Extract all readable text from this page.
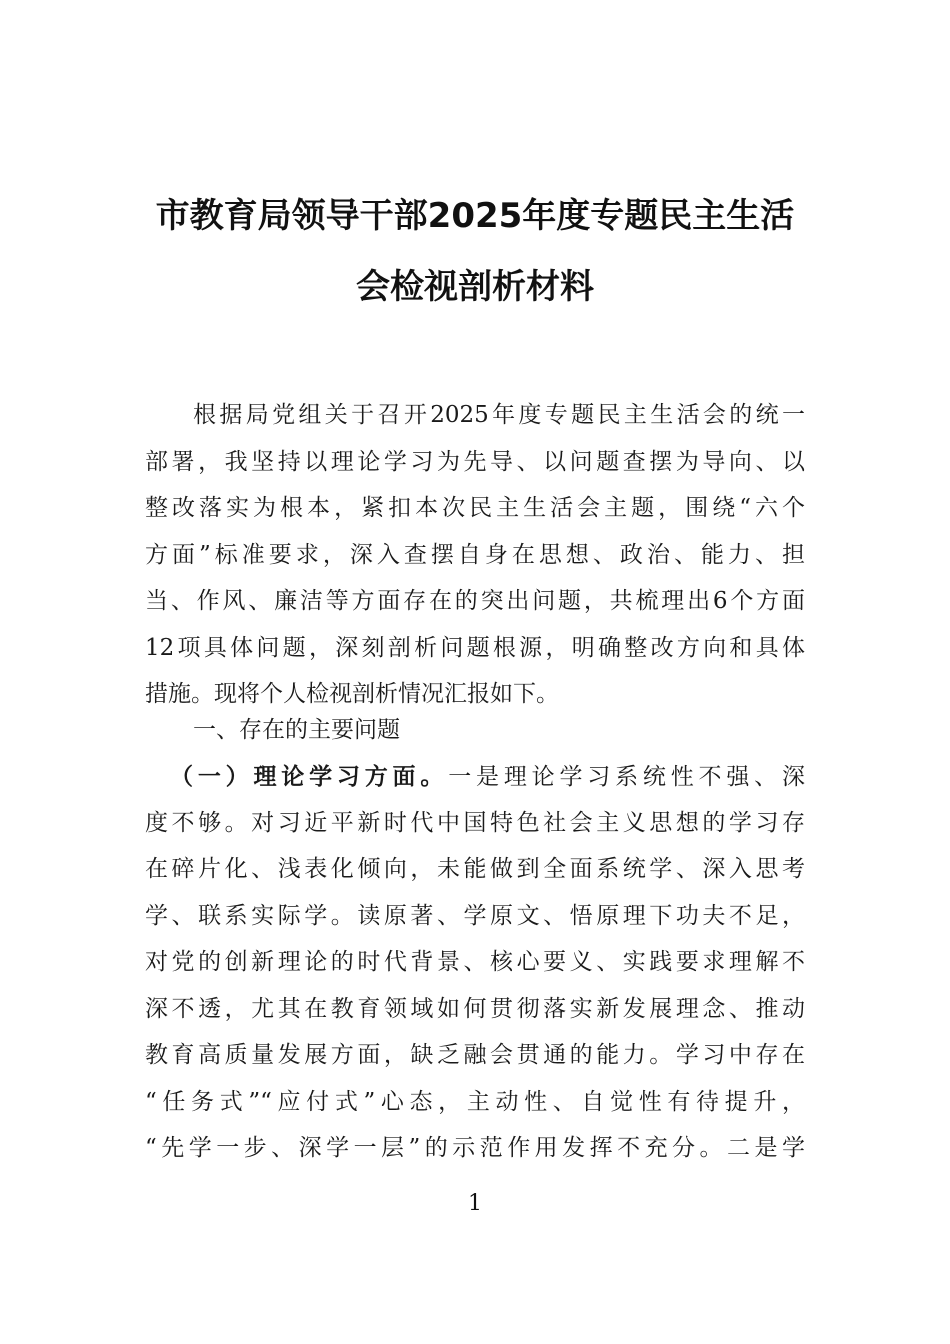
市教育局领导干部2025年度专题民主生活
会检视剖析材料
根据局党组关于召开2025年度专题民主生活会的统一
部署，我坚持以理论学习为先导、以问题查摆为导向、以
整改落实为根本，紧扣本次民主生活会主题，围绕“六个
方面”标准要求，深入查摆自身在思想、政治、能力、担
当、作风、廉洁等方面存在的突出问题，共梳理出6个方面
12项具体问题，深刻剖析问题根源，明确整改方向和具体
措施。现将个人检视剖析情况汇报如下。
一、存在的主要问题
（一）理论学习方面。一是理论学习系统性不强、深
度不够。对习近平新时代中国特色社会主义思想的学习存
在碎片化、浅表化倾向，未能做到全面系统学、深入思考
学、联系实际学。读原著、学原文、悟原理下功夫不足，
对党的创新理论的时代背景、核心要义、实践要求理解不
深不透，尤其在教育领域如何贯彻落实新发展理念、推动
教育高质量发展方面，缺乏融会贯通的能力。学习中存在
“任务式”“应付式”心态，主动性、自觉性有待提升，
“先学一步、深学一层”的示范作用发挥不充分。二是学
1
